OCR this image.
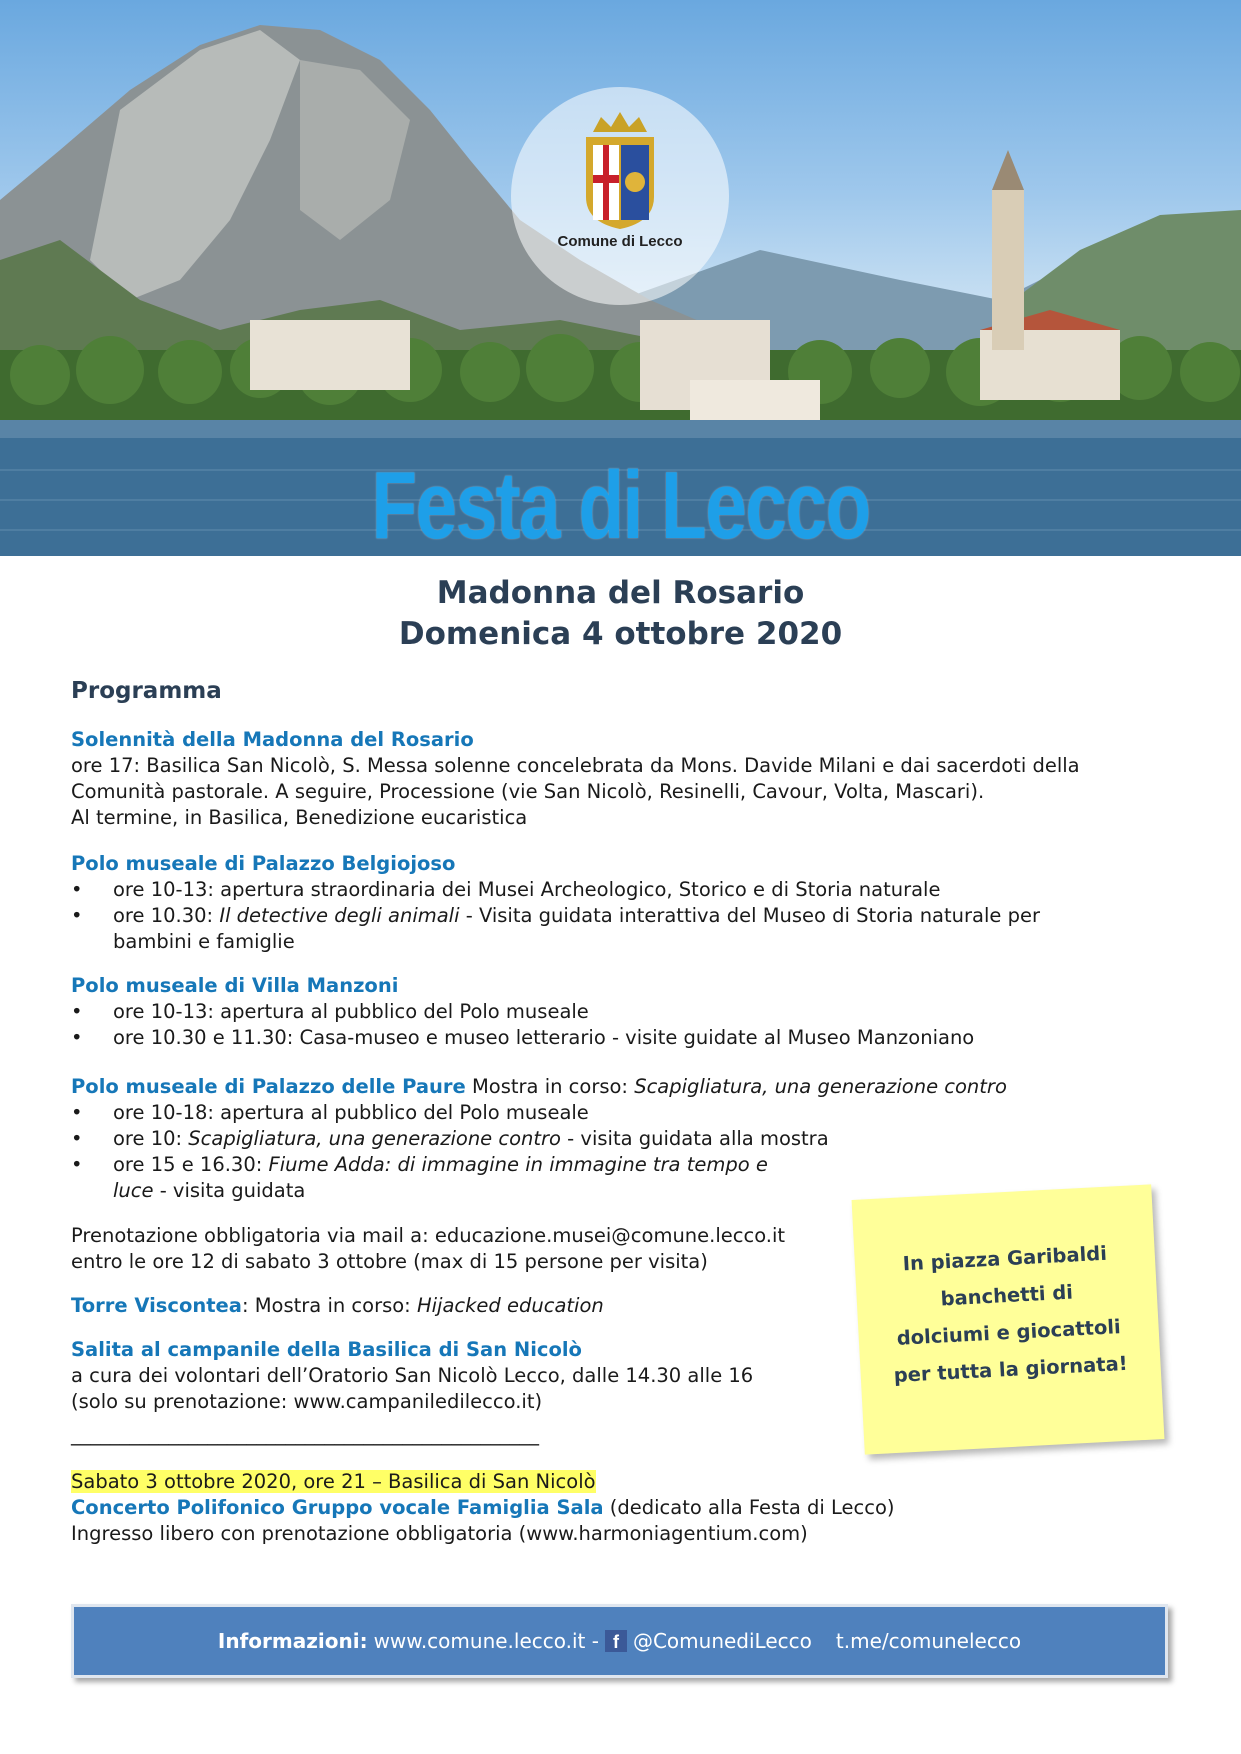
Comune di Lecco
Festa di Lecco
Madonna del Rosario
Domenica 4 ottobre 2020
Programma
Solennità della Madonna del Rosario
ore 17: Basilica San Nicolò, S. Messa solenne concelebrata da Mons. Davide Milani e dai sacerdoti della
Comunità pastorale. A seguire, Processione (vie San Nicolò, Resinelli, Cavour, Volta, Mascari).
Al termine, in Basilica, Benedizione eucaristica
Polo museale di Palazzo Belgiojoso
• ore 10-13: apertura straordinaria dei Musei Archeologico, Storico e di Storia naturale
• ore 10.30: Il detective degli animali - Visita guidata interattiva del Museo di Storia naturale per
bambini e famiglie
Polo museale di Villa Manzoni
• ore 10-13: apertura al pubblico del Polo museale
• ore 10.30 e 11.30: Casa-museo e museo letterario - visite guidate al Museo Manzoniano
Polo museale di Palazzo delle Paure Mostra in corso: Scapigliatura, una generazione contro
• ore 10-18: apertura al pubblico del Polo museale
• ore 10: Scapigliatura, una generazione contro - visita guidata alla mostra
• ore 15 e 16.30: Fiume Adda: di immagine in immagine tra tempo e
luce - visita guidata
Prenotazione obbligatoria via mail a: educazione.musei@comune.lecco.it
entro le ore 12 di sabato 3 ottobre (max di 15 persone per visita)
Torre Viscontea: Mostra in corso: Hijacked education
Salita al campanile della Basilica di San Nicolò
a cura dei volontari dell’Oratorio San Nicolò Lecco, dalle 14.30 alle 16
(solo su prenotazione: www.campaniledilecco.it)
________________________________________________
Sabato 3 ottobre 2020, ore 21 – Basilica di San Nicolò
Concerto Polifonico Gruppo vocale Famiglia Sala (dedicato alla Festa di Lecco)
Ingresso libero con prenotazione obbligatoria (www.harmoniagentium.com)
In piazza Garibaldi
banchetti di
dolciumi e giocattoli
per tutta la giornata!
Informazioni: www.comune.lecco.it - f @ComunediLecco t.me/comunelecco
